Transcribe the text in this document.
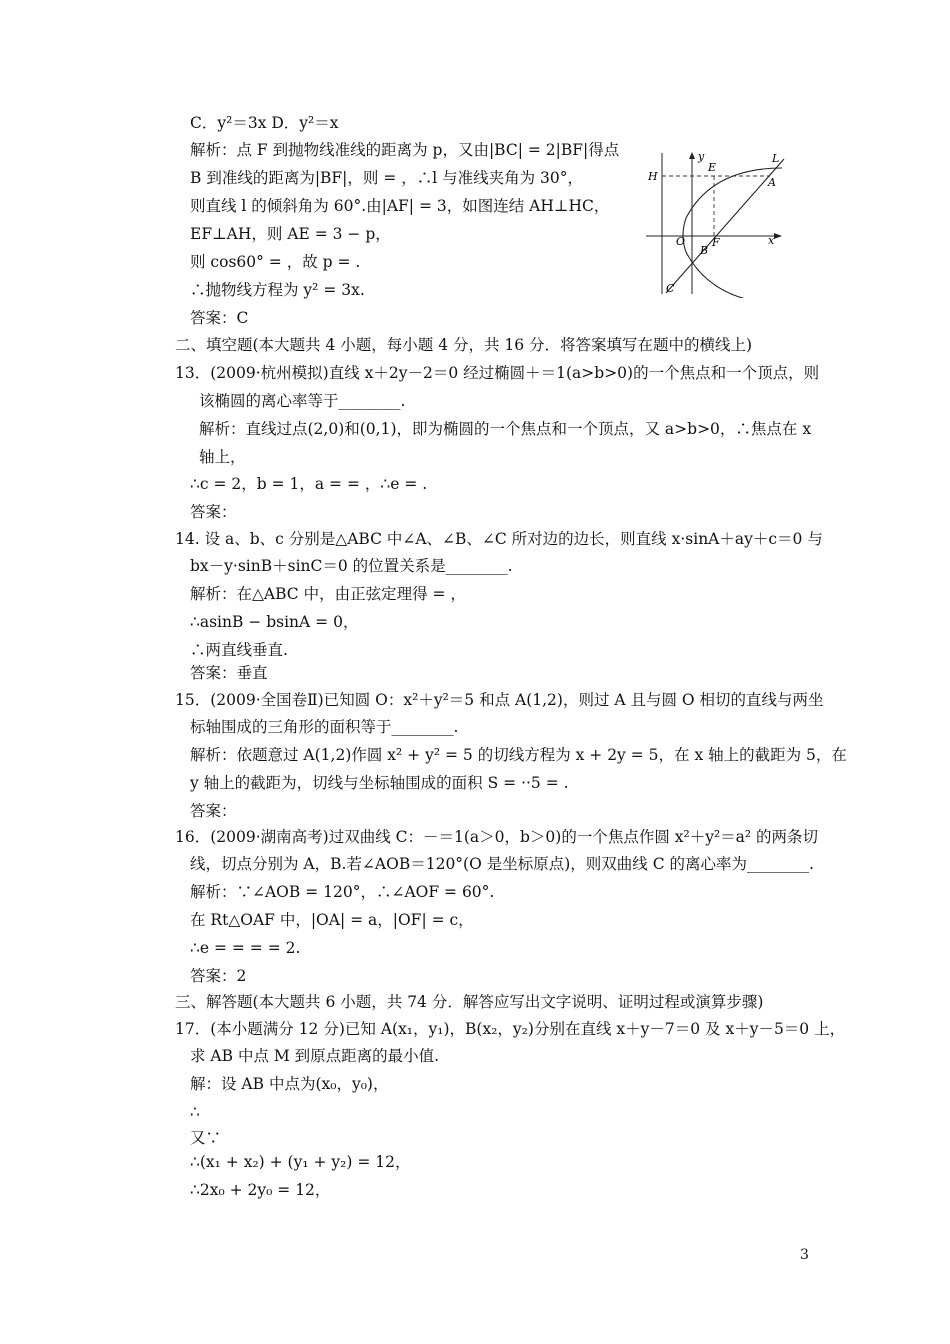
C．y²＝3x D．y²＝x
解析：点 F 到抛物线准线的距离为 p，又由|BC| = 2|BF|得点
B 到准线的距离为|BF|，则 = ，∴l 与准线夹角为 30°，
则直线 l 的倾斜角为 60°.由|AF| = 3，如图连结 AH⊥HC，
EF⊥AH，则 AE = 3 − p，
则 cos60° = ，故 p = .
∴抛物线方程为 y² = 3x.
答案：C
二、填空题(本大题共 4 小题，每小题 4 分，共 16 分．将答案填写在题中的横线上)
13．(2009·杭州模拟)直线 x＋2y－2＝0 经过椭圆＋＝1(a>b>0)的一个焦点和一个顶点，则
该椭圆的离心率等于________.
解析：直线过点(2,0)和(0,1)，即为椭圆的一个焦点和一个顶点，又 a>b>0，∴焦点在 x
轴上，
∴c = 2，b = 1，a = = ，∴e = .
答案：
14. 设 a、b、c 分别是△ABC 中∠A、∠B、∠C 所对边的边长，则直线 x·sinA＋ay＋c＝0 与
bx－y·sinB＋sinC＝0 的位置关系是________.
解析：在△ABC 中，由正弦定理得 = ，
∴asinB − bsinA = 0，
∴两直线垂直.
答案：垂直
15．(2009·全国卷Ⅱ)已知圆 O：x²＋y²＝5 和点 A(1,2)，则过 A 且与圆 O 相切的直线与两坐
标轴围成的三角形的面积等于________.
解析：依题意过 A(1,2)作圆 x² + y² = 5 的切线方程为 x + 2y = 5，在 x 轴上的截距为 5，在
y 轴上的截距为，切线与坐标轴围成的面积 S = ··5 = .
答案：
16．(2009·湖南高考)过双曲线 C：－＝1(a＞0，b＞0)的一个焦点作圆 x²＋y²＝a² 的两条切
线，切点分别为 A，B.若∠AOB＝120°(O 是坐标原点)，则双曲线 C 的离心率为________.
解析：∵∠AOB = 120°，∴∠AOF = 60°.
在 Rt△OAF 中，|OA| = a，|OF| = c，
∴e = = = = 2.
答案：2
三、解答题(本大题共 6 小题，共 74 分．解答应写出文字说明、证明过程或演算步骤)
17．(本小题满分 12 分)已知 A(x₁，y₁)，B(x₂，y₂)分别在直线 x＋y－7＝0 及 x＋y－5＝0 上，
求 AB 中点 M 到原点距离的最小值.
解：设 AB 中点为(x₀，y₀)，
∴
又∵
∴(x₁ + x₂) + (y₁ + y₂) = 12，
∴2x₀ + 2y₀ = 12，
H
E
L
A
y
O
B
F	x
C
3
